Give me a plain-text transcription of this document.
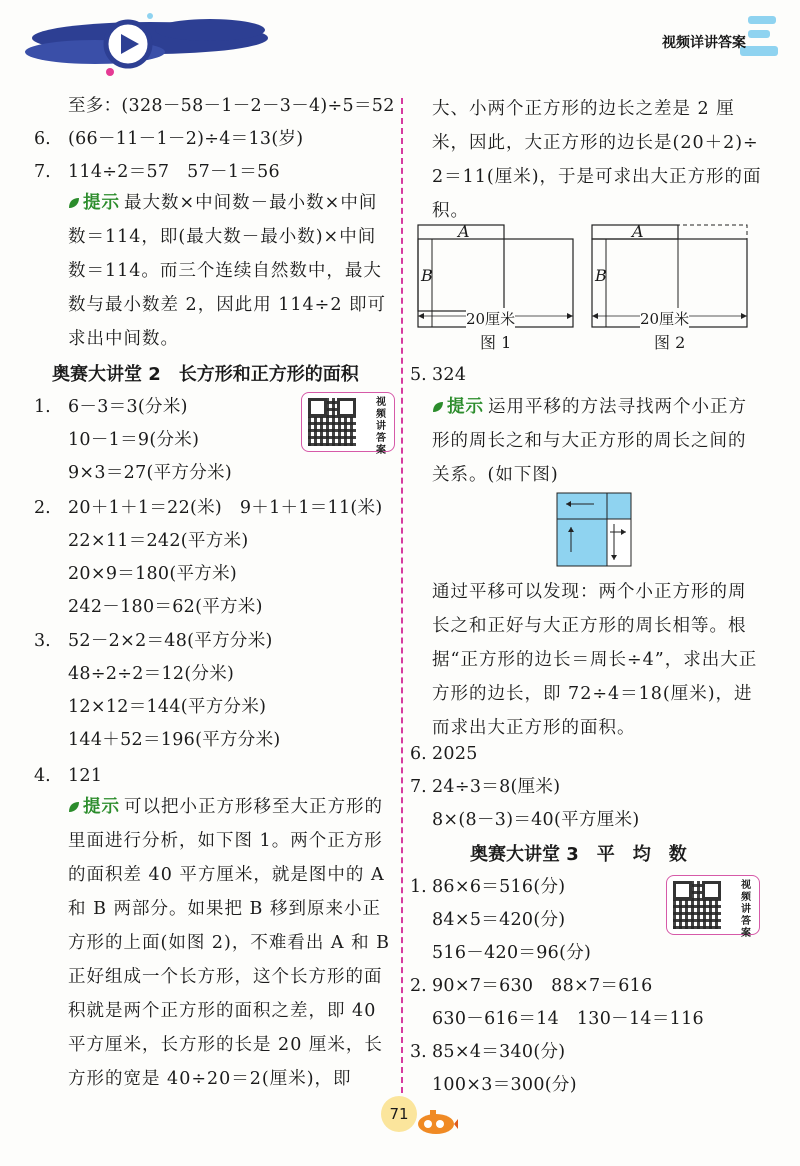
视频详讲答案
至多：(328－58－1－2－3－4)÷5＝52
6. (66－11－1－2)÷4＝13(岁)
7. 114÷2＝57　57－1＝56
提示 最大数×中间数－最小数×中间数＝114，即(最大数－最小数)×中间数＝114。而三个连续自然数中，最大数与最小数差 2，因此用 114÷2 即可求出中间数。
奥赛大讲堂 2　长方形和正方形的面积
视频讲答案
1. 6－3＝3(分米)
10－1＝9(分米)
9×3＝27(平方分米)
2. 20＋1＋1＝22(米)　9＋1＋1＝11(米)
22×11＝242(平方米)
20×9＝180(平方米)
242－180＝62(平方米)
3. 52－2×2＝48(平方分米)
48÷2÷2＝12(分米)
12×12＝144(平方分米)
144＋52＝196(平方分米)
4. 121
提示 可以把小正方形移至大正方形的里面进行分析，如下图 1。两个正方形的面积差 40 平方厘米，就是图中的 A 和 B 两部分。如果把 B 移到原来小正方形的上面(如图 2)，不难看出 A 和 B 正好组成一个长方形，这个长方形的面积就是两个正方形的面积之差，即 40 平方厘米，长方形的长是 20 厘米，长方形的宽是 40÷20＝2(厘米)，即
大、小两个正方形的边长之差是 2 厘米，因此，大正方形的边长是(20＋2)÷2＝11(厘米)，于是可求出大正方形的面积。
A
B
20厘米
图 1
A
B
20厘米
图 2
5. 324
提示 运用平移的方法寻找两个小正方形的周长之和与大正方形的周长之间的关系。(如下图)
通过平移可以发现：两个小正方形的周长之和正好与大正方形的周长相等。根据“正方形的边长＝周长÷4”，求出大正方形的边长，即 72÷4＝18(厘米)，进而求出大正方形的面积。
6. 2025
7. 24÷3＝8(厘米)
8×(8－3)＝40(平方厘米)
奥赛大讲堂 3　平　均　数
视频讲答案
1. 86×6＝516(分)
84×5＝420(分)
516－420＝96(分)
2. 90×7＝630　88×7＝616
630－616＝14　130－14＝116
3. 85×4＝340(分)
100×3＝300(分)
71
